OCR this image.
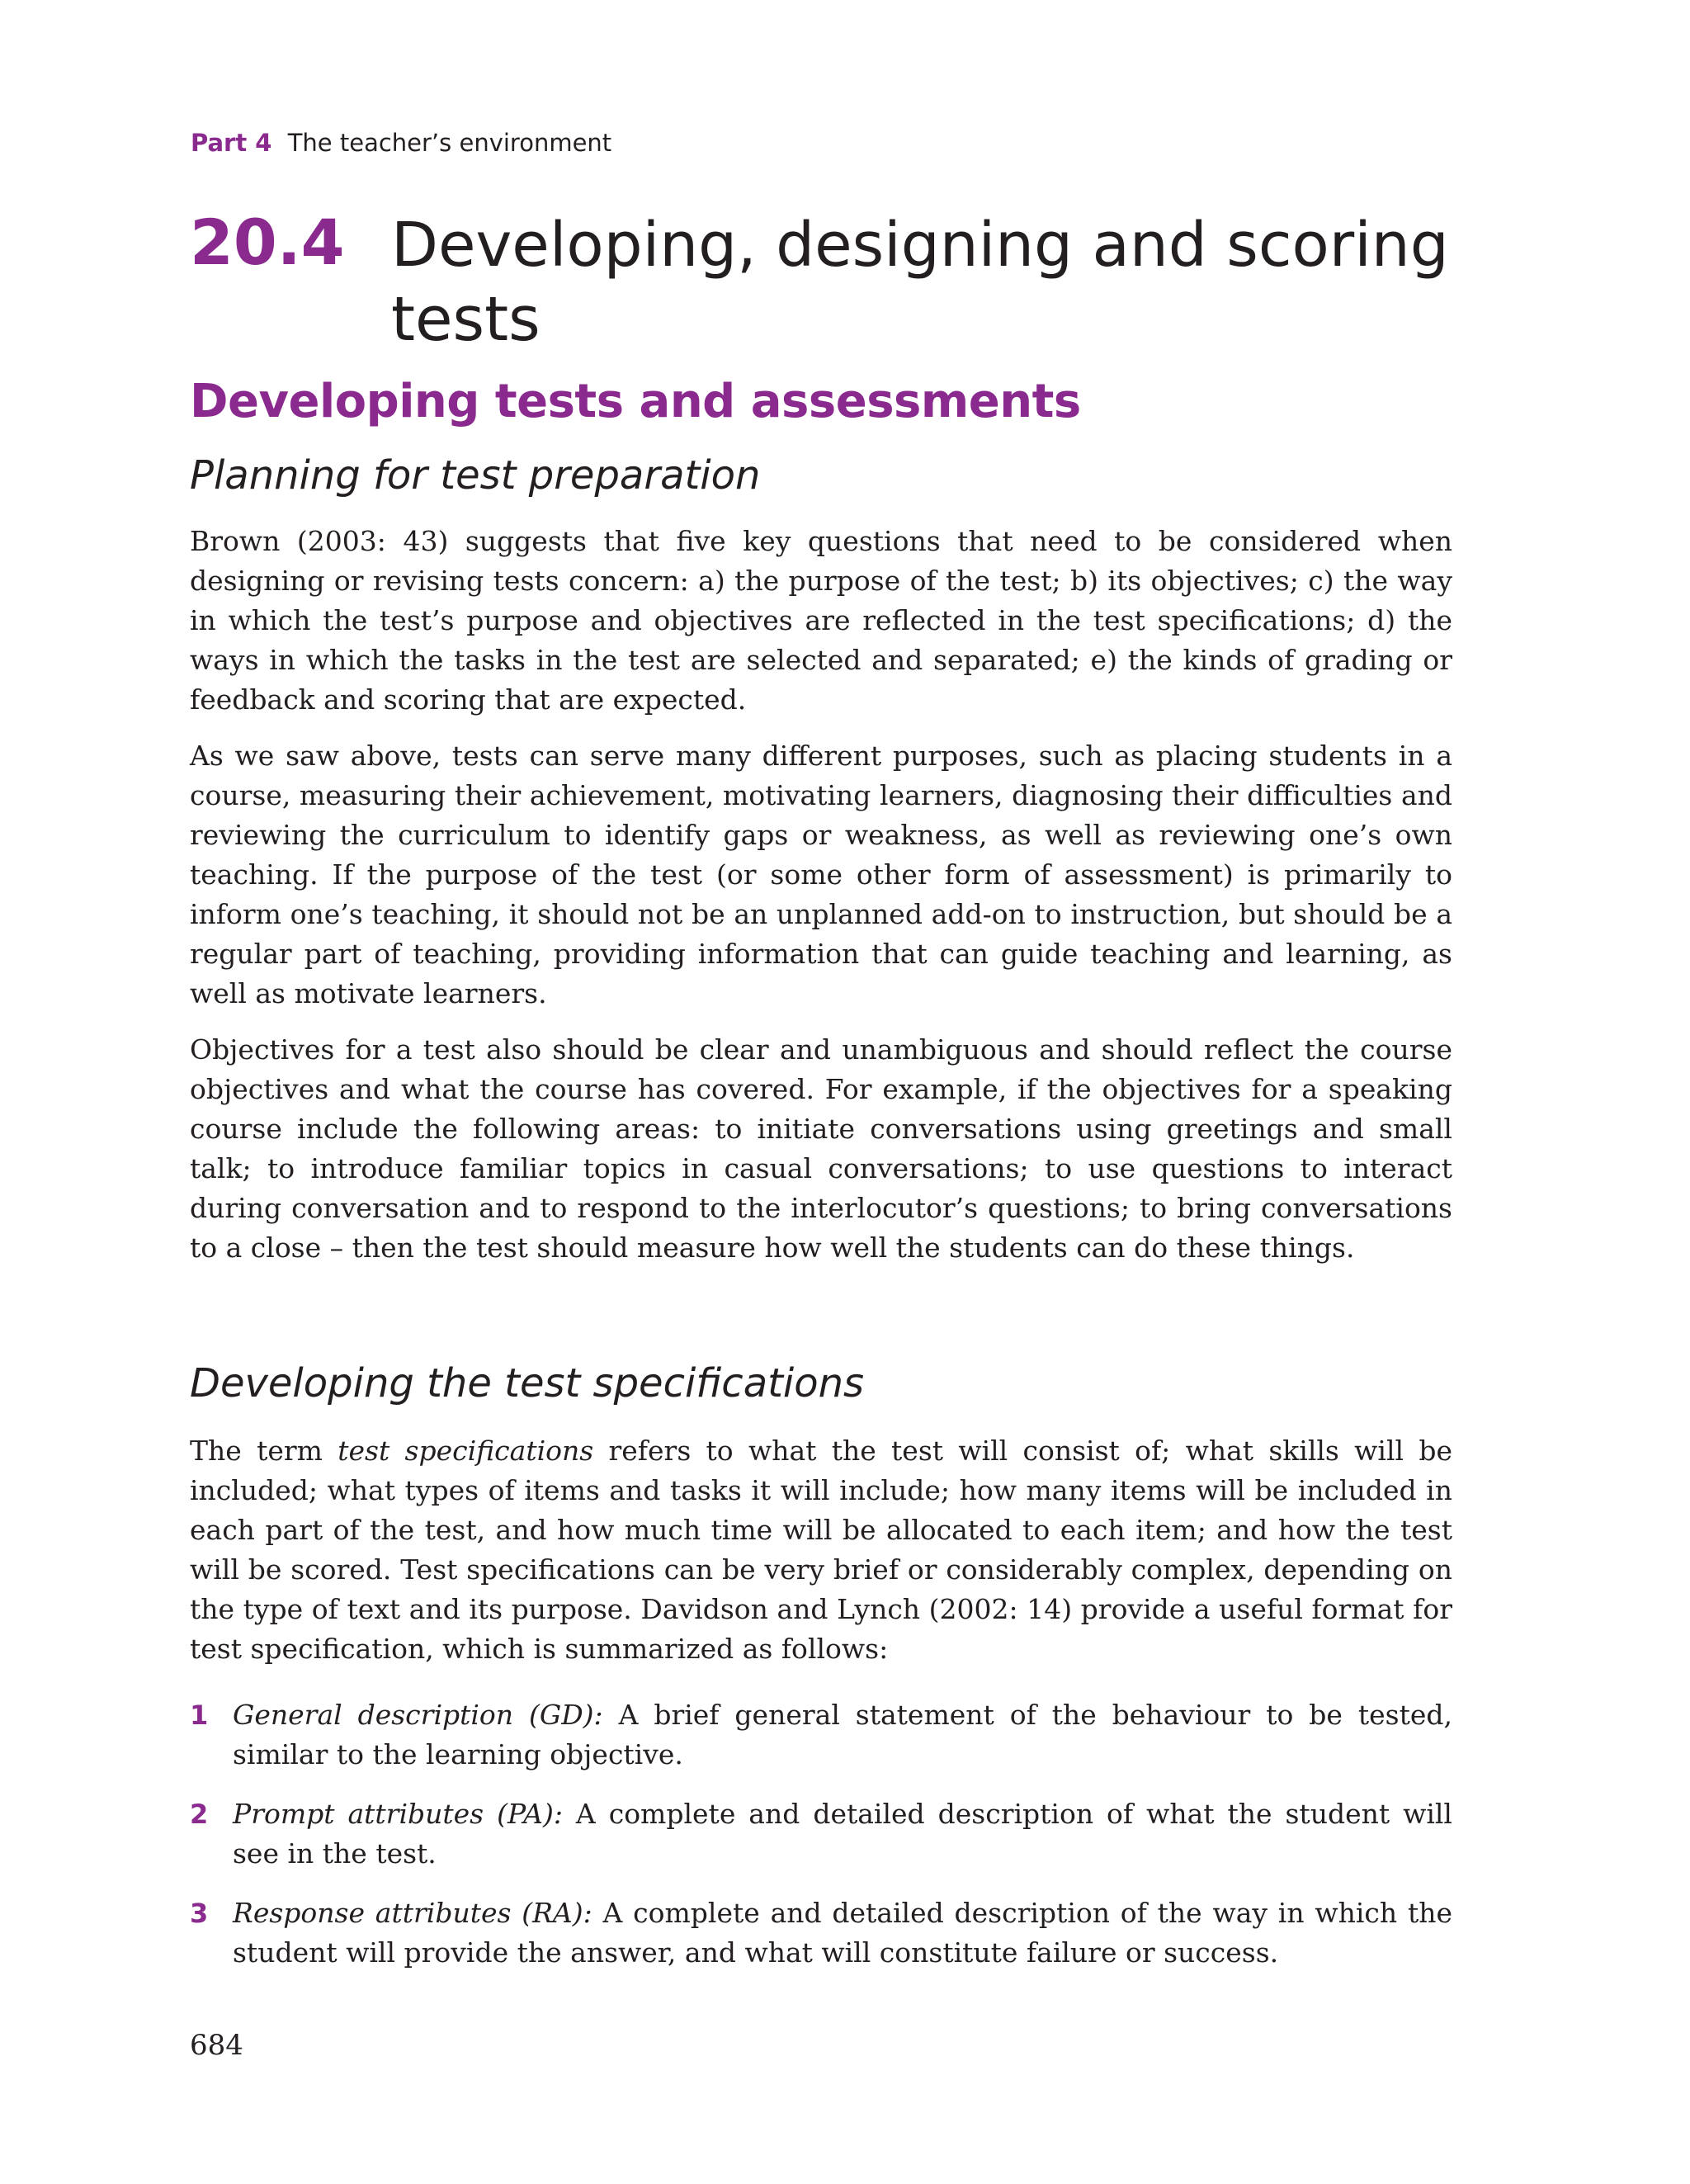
Part 4 The teacher’s environment
20.4 Developing, designing and scoring tests
Developing tests and assessments
Planning for test preparation

Brown (2003: 43) suggests that five key questions that need to be considered when designing or revising tests concern: a) the purpose of the test; b) its objectives; c) the way in which the test’s purpose and objectives are reflected in the test specifications; d) the ways in which the tasks in the test are selected and separated; e) the kinds of grading or feedback and scoring that are expected.

As we saw above, tests can serve many different purposes, such as placing students in a course, measuring their achievement, motivating learners, diagnosing their difficulties and reviewing the curriculum to identify gaps or weakness, as well as reviewing one’s own teaching. If the purpose of the test (or some other form of assessment) is primarily to inform one’s teaching, it should not be an unplanned add-on to instruction, but should be a regular part of teaching, providing information that can guide teaching and learning, as well as motivate learners.

Objectives for a test also should be clear and unambiguous and should reflect the course objectives and what the course has covered. For example, if the objectives for a speaking course include the following areas: to initiate conversations using greetings and small talk; to introduce familiar topics in casual conversations; to use questions to interact during conversation and to respond to the interlocutor’s questions; to bring conversations to a close – then the test should measure how well the students can do these things.

Developing the test specifications

The term test specifications refers to what the test will consist of; what skills will be included; what types of items and tasks it will include; how many items will be included in each part of the test, and how much time will be allocated to each item; and how the test will be scored. Test specifications can be very brief or considerably complex, depending on the type of text and its purpose. Davidson and Lynch (2002: 14) provide a useful format for test specification, which is summarized as follows:

1 General description (GD): A brief general statement of the behaviour to be tested, similar to the learning objective.
2 Prompt attributes (PA): A complete and detailed description of what the student will see in the test.
3 Response attributes (RA): A complete and detailed description of the way in which the student will provide the answer, and what will constitute failure or success.
684
